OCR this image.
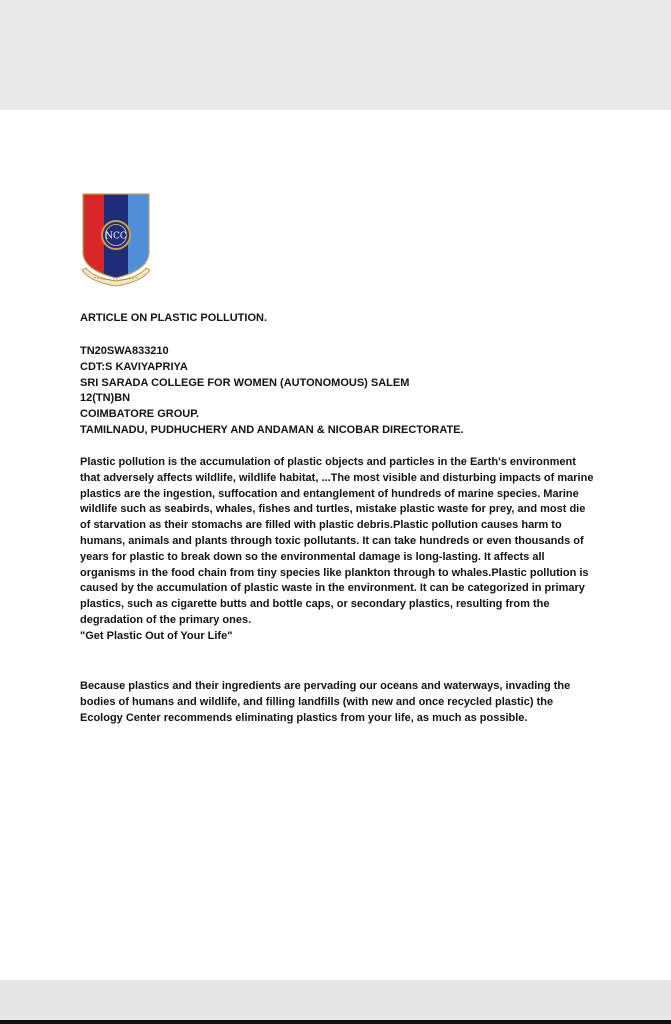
NCC
ARTICLE ON PLASTIC POLLUTION.
TN20SWA833210
CDT:S KAVIYAPRIYA
SRI SARADA COLLEGE FOR WOMEN (AUTONOMOUS) SALEM
12(TN)BN
COIMBATORE GROUP.
TAMILNADU, PUDHUCHERY AND ANDAMAN & NICOBAR DIRECTORATE.
Plastic pollution is the accumulation of plastic objects and particles in the Earth's environment that adversely affects wildlife, wildlife habitat, ...The most visible and disturbing impacts of marine plastics are the ingestion, suffocation and entanglement of hundreds of marine species. Marine wildlife such as seabirds, whales, fishes and turtles, mistake plastic waste for prey, and most die of starvation as their stomachs are filled with plastic debris.Plastic pollution causes harm to humans, animals and plants through toxic pollutants. It can take hundreds or even thousands of years for plastic to break down so the environmental damage is long-lasting. It affects all organisms in the food chain from tiny species like plankton through to whales.Plastic pollution is caused by the accumulation of plastic waste in the environment. It can be categorized in primary plastics, such as cigarette butts and bottle caps, or secondary plastics, resulting from the degradation of the primary ones.
"Get Plastic Out of Your Life"
Because plastics and their ingredients are pervading our oceans and waterways, invading the bodies of humans and wildlife, and filling landfills (with new and once recycled plastic) the Ecology Center recommends eliminating plastics from your life, as much as possible.
